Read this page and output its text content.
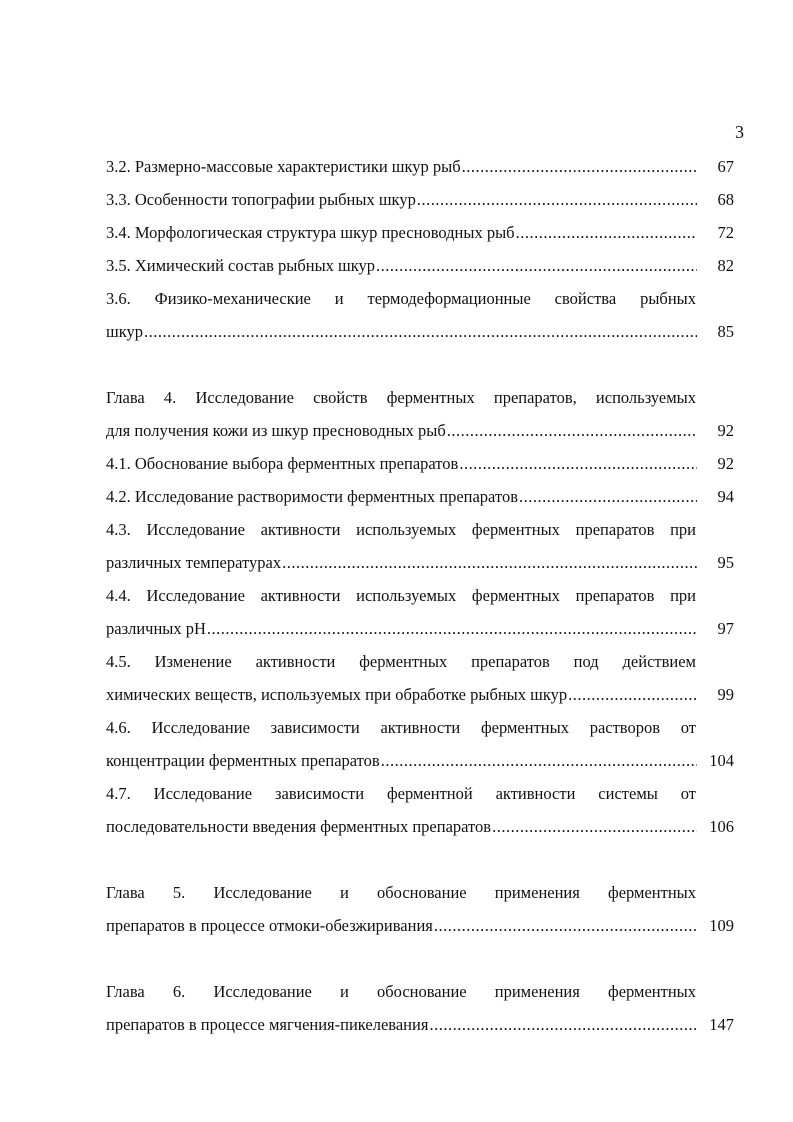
3
3.2. Размерно-массовые характеристики шкур рыб .....	67
3.3. Особенности топографии рыбных шкур .....	68
3.4. Морфологическая структура шкур пресноводных рыб .....	72
3.5. Химический состав рыбных шкур .....	82
3.6. Физико-механические и термодеформационные свойства рыбных
шкур .....	85
Глава 4. Исследование свойств ферментных препаратов, используемых
для получения кожи из шкур пресноводных рыб .....	92
4.1. Обоснование выбора ферментных препаратов .....	92
4.2. Исследование растворимости ферментных препаратов .....	94
4.3. Исследование активности используемых ферментных препаратов при
различных температурах .....	95
4.4. Исследование активности используемых ферментных препаратов при
различных рН .....	97
4.5. Изменение активности ферментных препаратов под действием
химических веществ, используемых при обработке рыбных шкур .....	99
4.6. Исследование зависимости активности ферментных растворов от
концентрации ферментных препаратов .....	104
4.7. Исследование зависимости ферментной активности системы от
последовательности введения ферментных препаратов .....	106
Глава 5. Исследование и обоснование применения ферментных
препаратов в процессе отмоки-обезжиривания .....	109
Глава 6. Исследование и обоснование применения ферментных
препаратов в процессе мягчения-пикелевания .....	147
